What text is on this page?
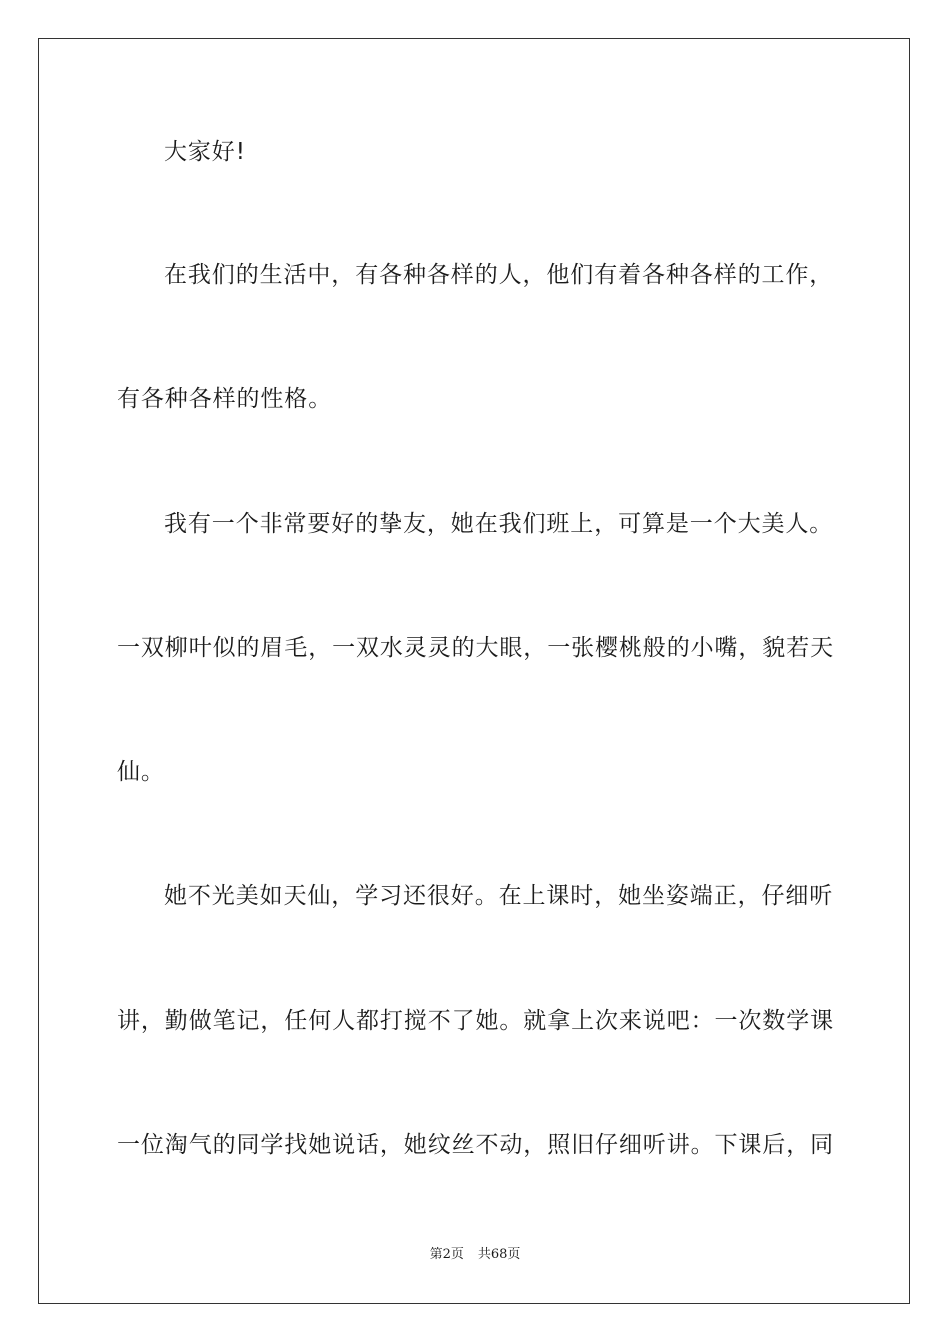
大家好!
在我们的生活中，有各种各样的人，他们有着各种各样的工作，
有各种各样的性格。
我有一个非常要好的挚友，她在我们班上，可算是一个大美人。
一双柳叶似的眉毛，一双水灵灵的大眼，一张樱桃般的小嘴，貌若天
仙。
她不光美如天仙，学习还很好。在上课时，她坐姿端正，仔细听
讲，勤做笔记，任何人都打搅不了她。就拿上次来说吧：一次数学课
一位淘气的同学找她说话，她纹丝不动，照旧仔细听讲。下课后，同
第2页 共68页
